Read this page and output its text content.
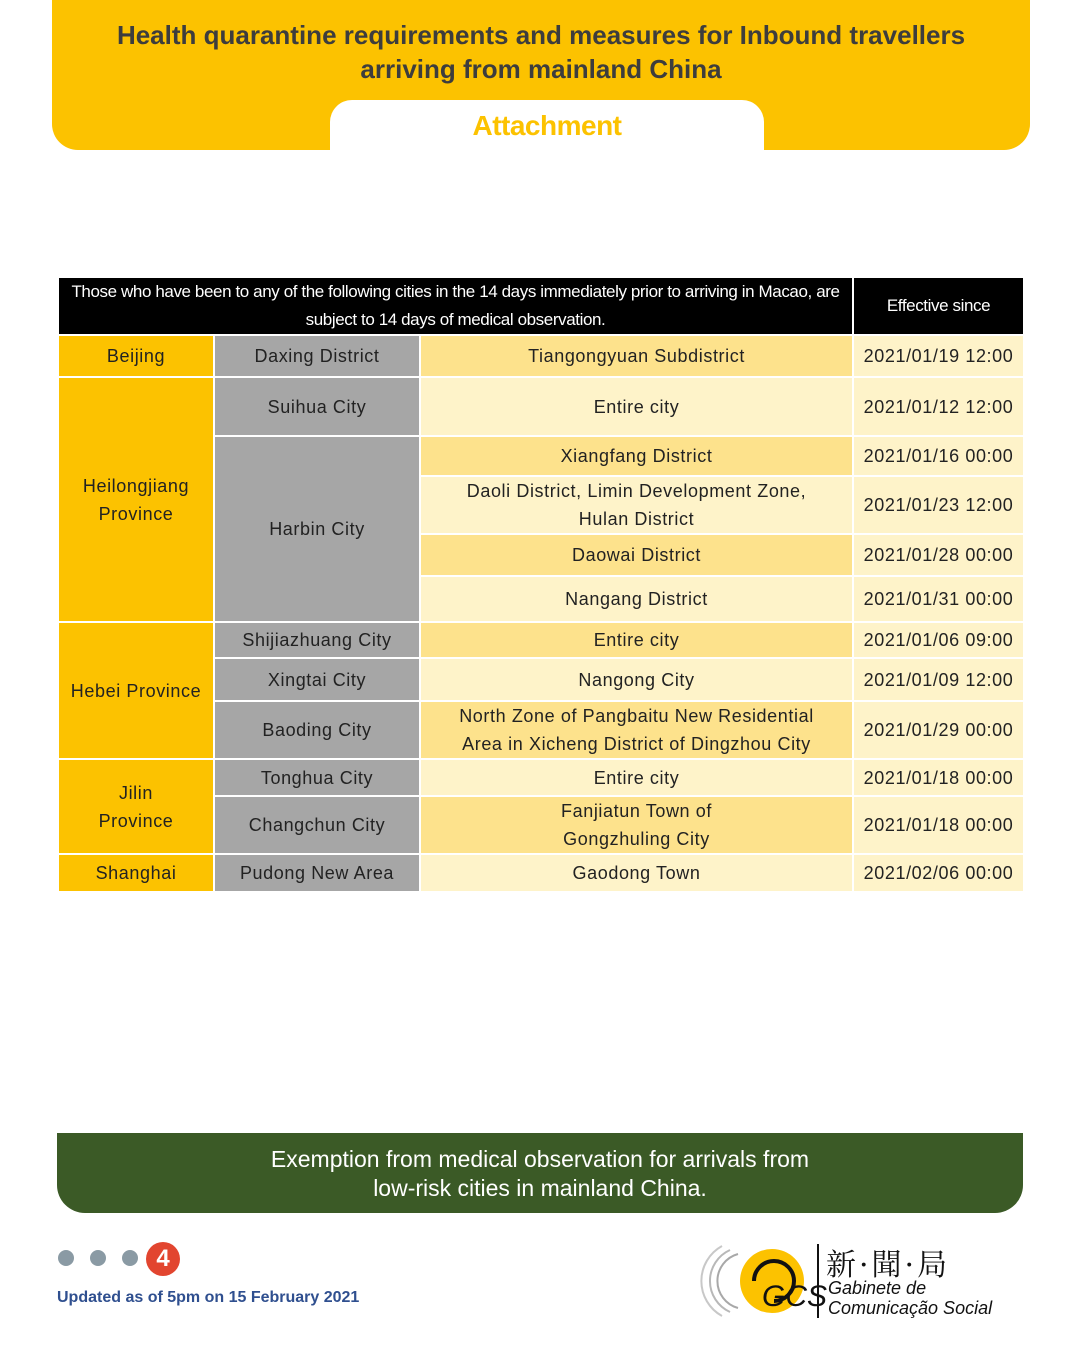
Health quarantine requirements and measures for Inbound travellers
arriving from mainland China
Attachment
Those who have been to any of the following cities in the 14 days immediately prior to arriving in Macao, are subject to 14 days of medical observation.			Effective since
Beijing	Daxing District	Tiangongyuan Subdistrict	2021/01/19 12:00

Heilongjiang
Province	Suihua City	Entire city	2021/01/12 12:00
	Harbin City	Xiangfang District	2021/01/16 00:00

		Daoli District, Limin Development Zone,
Hulan District	2021/01/23 12:00
		Daowai District	2021/01/28 00:00
		Nangang District	2021/01/31 00:00

Hebei Province	Shijiazhuang City	Entire city	2021/01/06 09:00
	Xingtai City	Nangong City	2021/01/09 12:00
	Baoding City	North Zone of Pangbaitu New Residential
Area in Xicheng District of Dingzhou City	2021/01/29 00:00

Jilin
Province	Tonghua City	Entire city	2021/01/18 00:00
	Changchun City	Fanjiatun Town of
Gongzhuling City	2021/01/18 00:00
Shanghai	Pudong New Area	Gaodong Town	2021/02/06 00:00
Exemption from medical observation for arrivals from
low-risk cities in mainland China.
4
Updated as of 5pm on 15 February 2021	GCS
新·聞·局
Gabinete de
Comunicação Social
